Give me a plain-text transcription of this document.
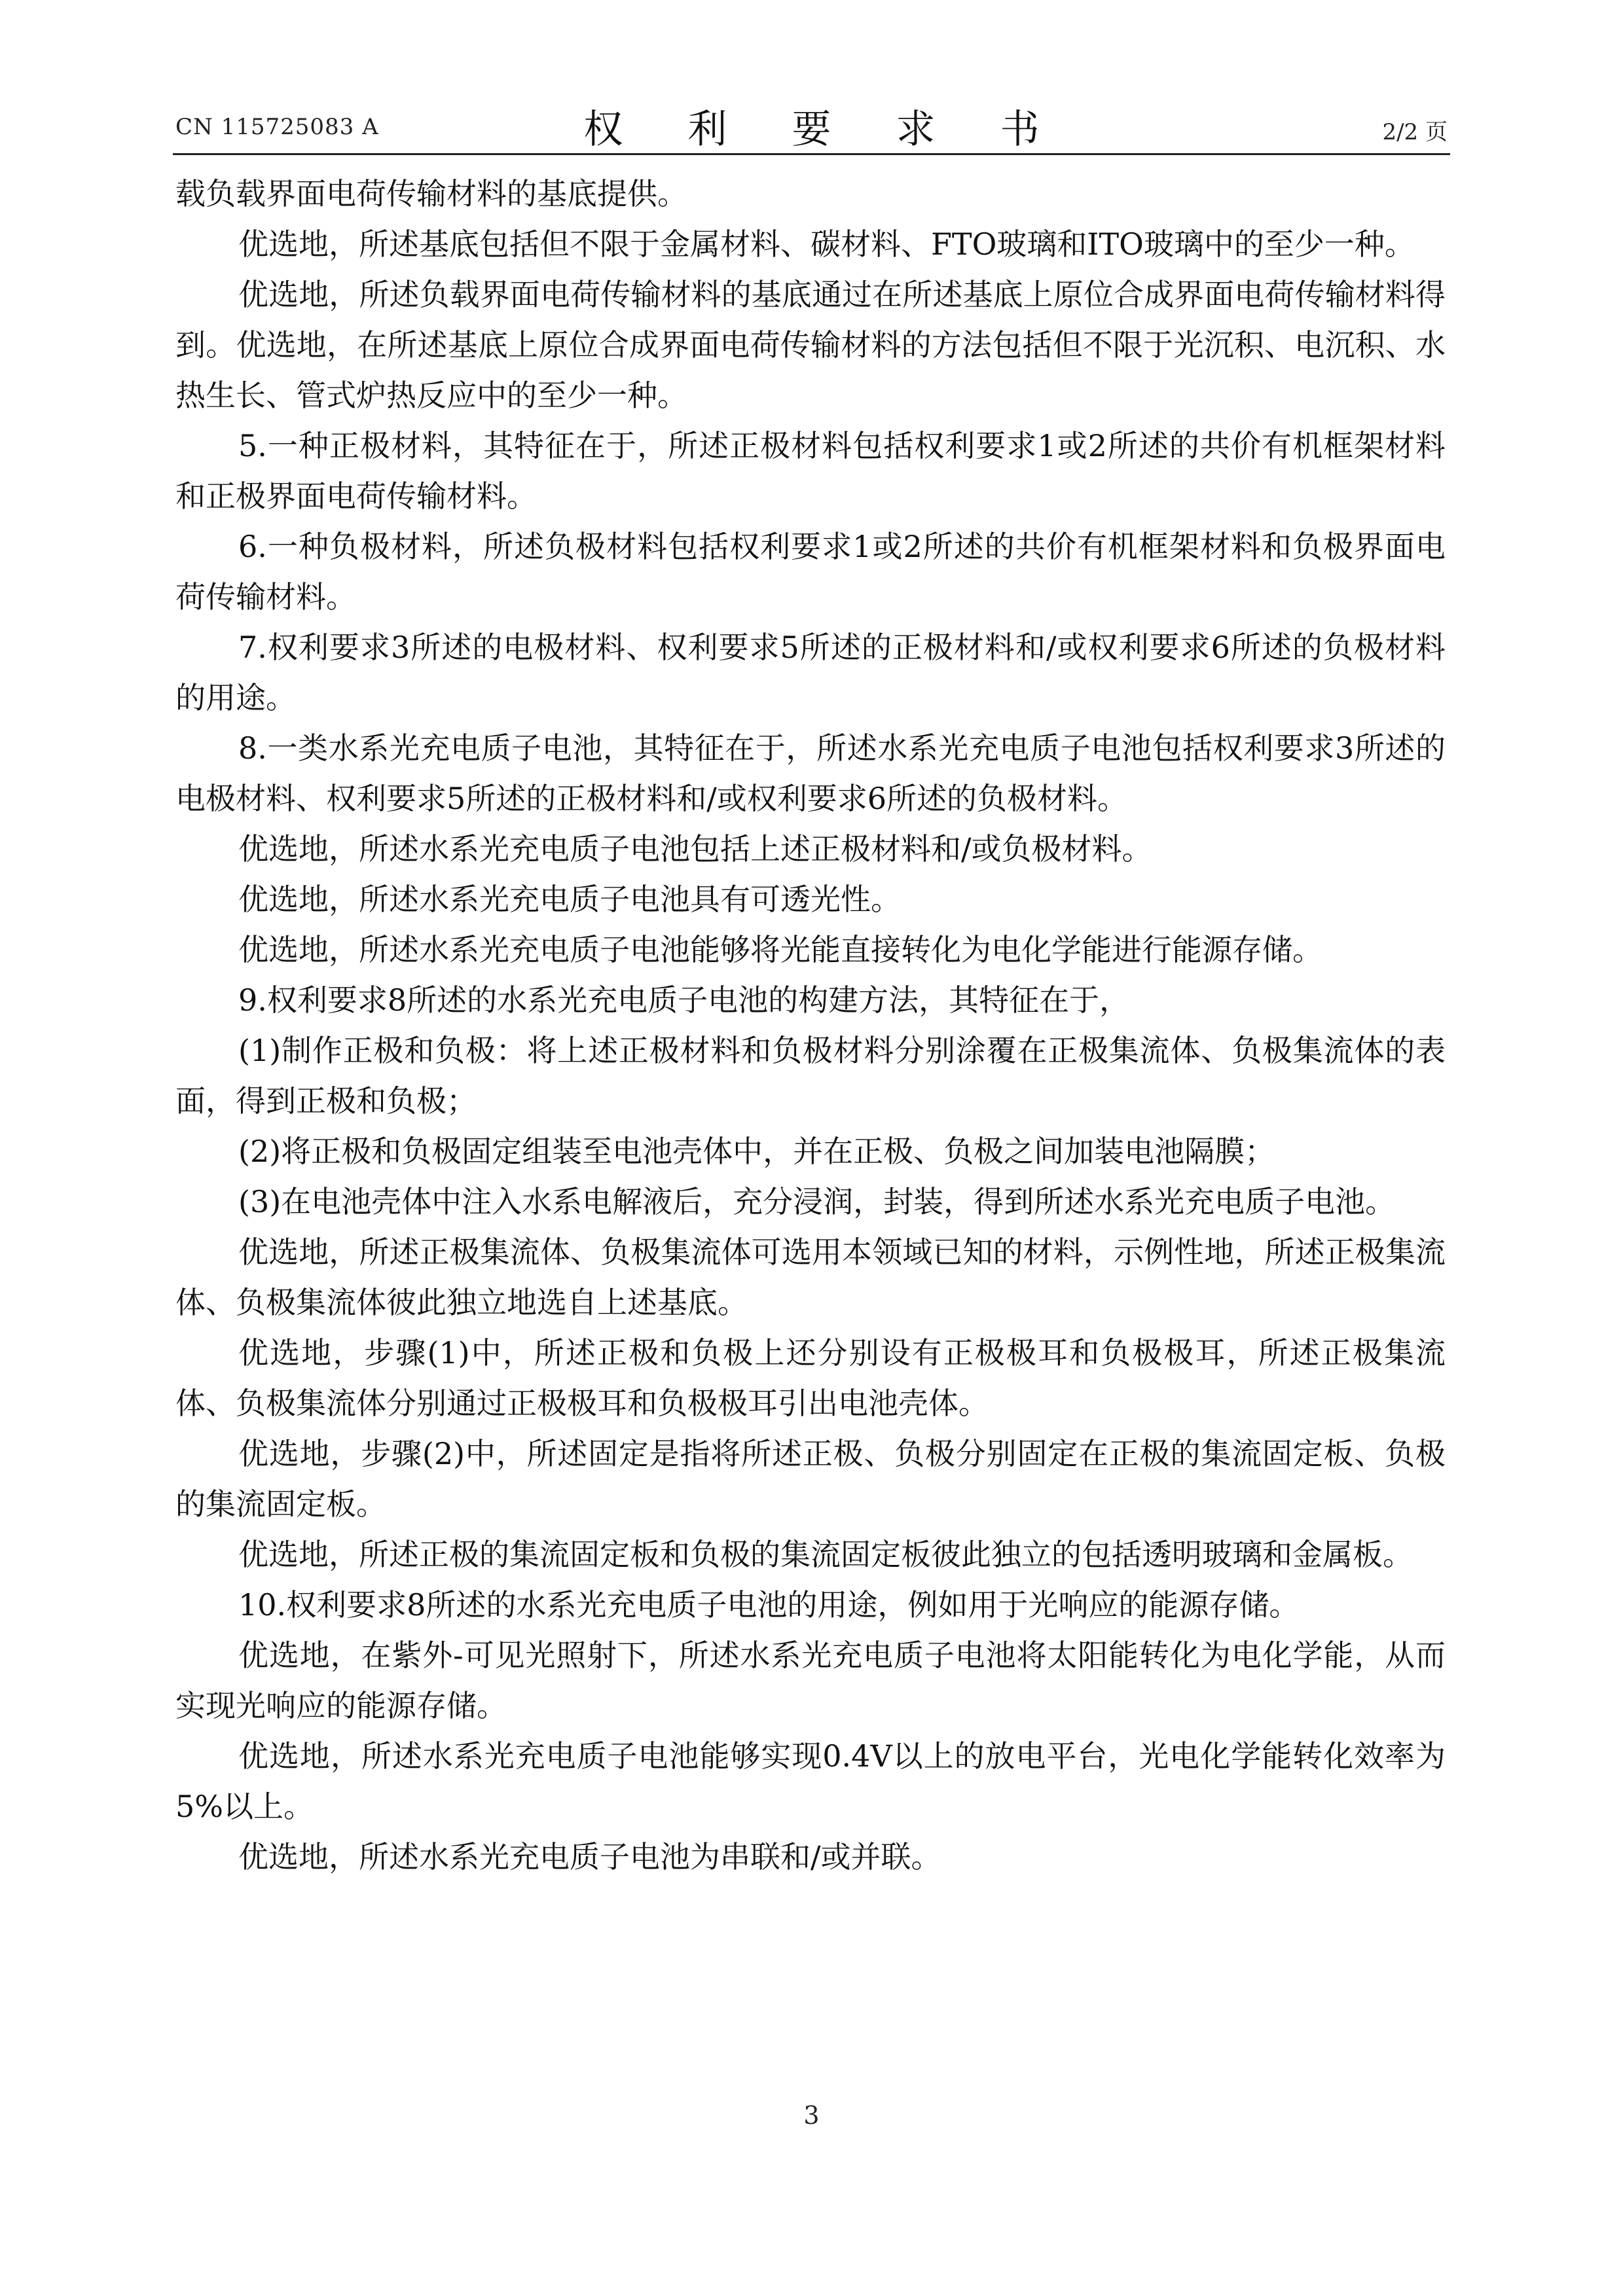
CN 115725083 A	权 利 要 求 书	2/2 页

载负载界面电荷传输材料的基底提供。

优选地，所述基底包括但不限于金属材料、碳材料、FTO玻璃和ITO玻璃中的至少一种。

优选地，所述负载界面电荷传输材料的基底通过在所述基底上原位合成界面电荷传输材料得到。优选地，在所述基底上原位合成界面电荷传输材料的方法包括但不限于光沉积、电沉积、水热生长、管式炉热反应中的至少一种。

5.一种正极材料，其特征在于，所述正极材料包括权利要求1或2所述的共价有机框架材料和正极界面电荷传输材料。

6.一种负极材料，所述负极材料包括权利要求1或2所述的共价有机框架材料和负极界面电荷传输材料。

7.权利要求3所述的电极材料、权利要求5所述的正极材料和/或权利要求6所述的负极材料的用途。

8.一类水系光充电质子电池，其特征在于，所述水系光充电质子电池包括权利要求3所述的电极材料、权利要求5所述的正极材料和/或权利要求6所述的负极材料。

优选地，所述水系光充电质子电池包括上述正极材料和/或负极材料。

优选地，所述水系光充电质子电池具有可透光性。

优选地，所述水系光充电质子电池能够将光能直接转化为电化学能进行能源存储。

9.权利要求8所述的水系光充电质子电池的构建方法，其特征在于，

(1)制作正极和负极：将上述正极材料和负极材料分别涂覆在正极集流体、负极集流体的表面，得到正极和负极；

(2)将正极和负极固定组装至电池壳体中，并在正极、负极之间加装电池隔膜；

(3)在电池壳体中注入水系电解液后，充分浸润，封装，得到所述水系光充电质子电池。

优选地，所述正极集流体、负极集流体可选用本领域已知的材料，示例性地，所述正极集流体、负极集流体彼此独立地选自上述基底。

优选地，步骤(1)中，所述正极和负极上还分别设有正极极耳和负极极耳，所述正极集流体、负极集流体分别通过正极极耳和负极极耳引出电池壳体。

优选地，步骤(2)中，所述固定是指将所述正极、负极分别固定在正极的集流固定板、负极的集流固定板。

优选地，所述正极的集流固定板和负极的集流固定板彼此独立的包括透明玻璃和金属板。

10.权利要求8所述的水系光充电质子电池的用途，例如用于光响应的能源存储。

优选地，在紫外-可见光照射下，所述水系光充电质子电池将太阳能转化为电化学能，从而实现光响应的能源存储。

优选地，所述水系光充电质子电池能够实现0.4V以上的放电平台，光电化学能转化效率为5%以上。

优选地，所述水系光充电质子电池为串联和/或并联。

3
